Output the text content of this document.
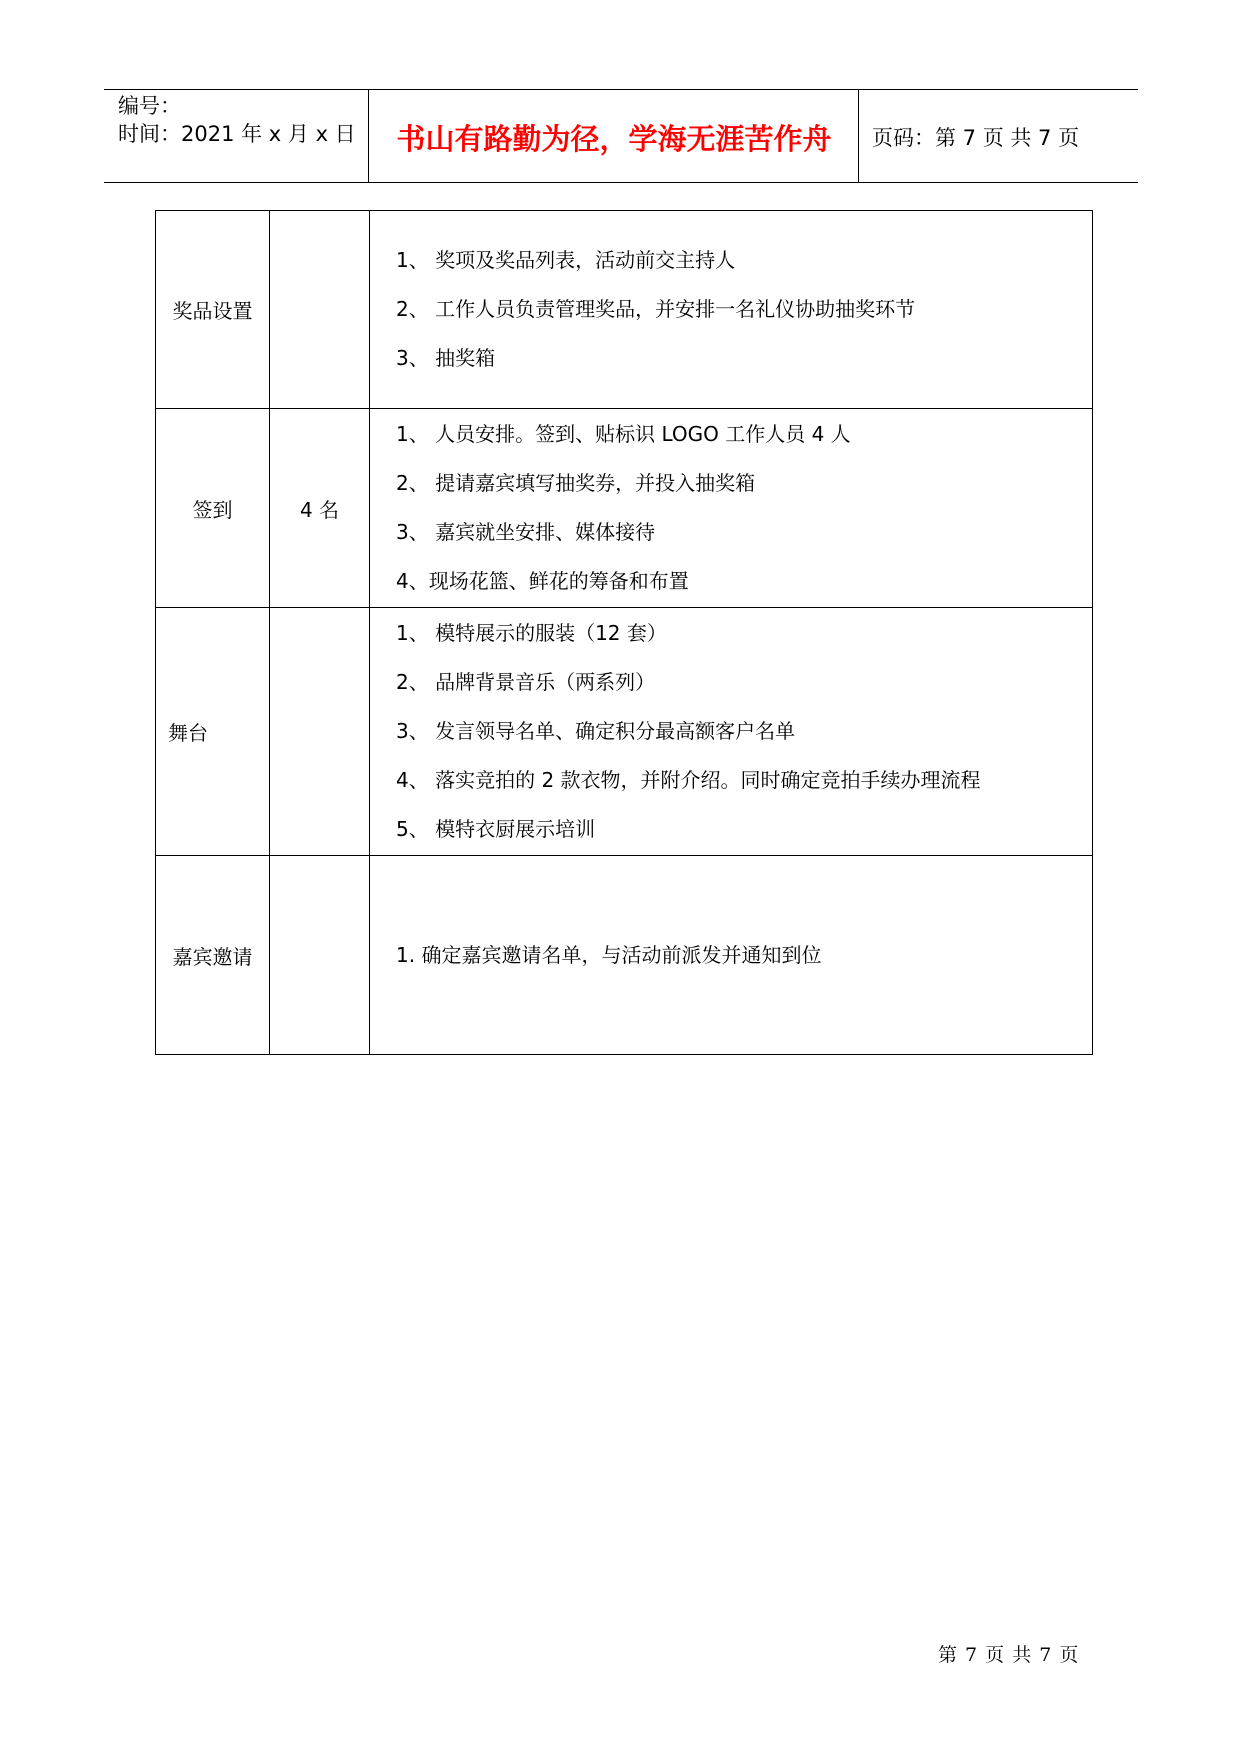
编号：
时间：2021 年 x 月 x 日	书山有路勤为径，学海无涯苦作舟	页码：第 7 页 共 7 页
奖品设置		1、 奖项及奖品列表，活动前交主持人
2、 工作人员负责管理奖品，并安排一名礼仪协助抽奖环节
3、 抽奖箱

签到	4 名	1、 人员安排。签到、贴标识 LOGO 工作人员 4 人
2、 提请嘉宾填写抽奖券，并投入抽奖箱
3、 嘉宾就坐安排、媒体接待
4、现场花篮、鲜花的筹备和布置

舞台		1、 模特展示的服装（12 套）
2、 品牌背景音乐（两系列）
3、 发言领导名单、确定积分最高额客户名单
4、 落实竞拍的 2 款衣物，并附介绍。同时确定竞拍手续办理流程
5、 模特衣厨展示培训

嘉宾邀请		1. 确定嘉宾邀请名单，与活动前派发并通知到位
第 7 页 共 7 页
